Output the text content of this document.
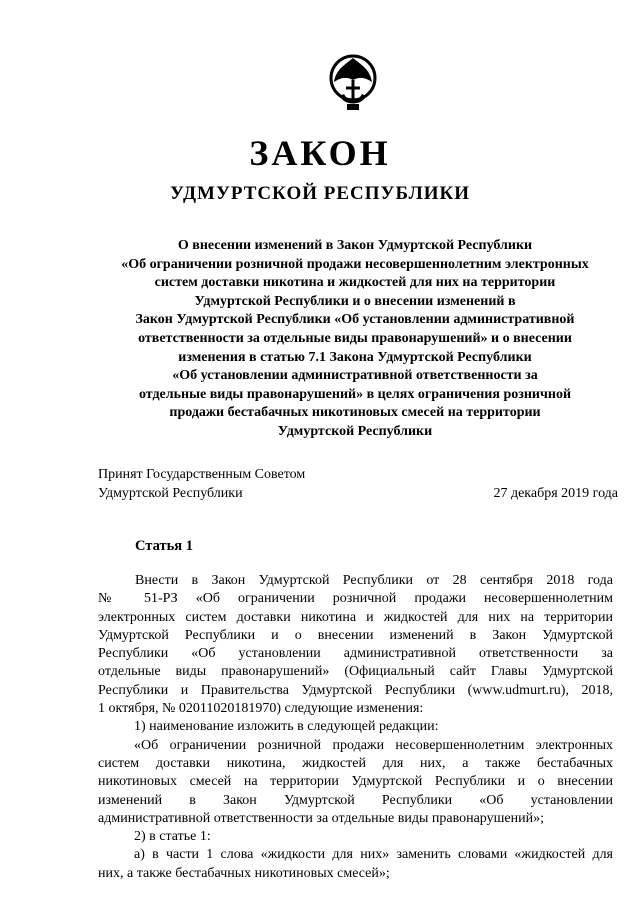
ЗАКОН
УДМУРТСКОЙ РЕСПУБЛИКИ
О внесении изменений в Закон Удмуртской Республики
«Об ограничении розничной продажи несовершеннолетним электронных
систем доставки никотина и жидкостей для них на территории
Удмуртской Республики и о внесении изменений в
Закон Удмуртской Республики «Об установлении административной
ответственности за отдельные виды правонарушений» и о внесении
изменения в статью 7.1 Закона Удмуртской Республики
«Об установлении административной ответственности за
отдельные виды правонарушений» в целях ограничения розничной
продажи бестабачных никотиновых смесей на территории
Удмуртской Республики
Принят Государственным Советом
Удмуртской Республики	27 декабря 2019 года
Статья 1
Внести в Закон Удмуртской Республики от 28 сентября 2018 года
№ 51-РЗ «Об ограничении розничной продажи несовершеннолетним
электронных систем доставки никотина и жидкостей для них на территории
Удмуртской Республики и о внесении изменений в Закон Удмуртской
Республики «Об установлении административной ответственности за
отдельные виды правонарушений» (Официальный сайт Главы Удмуртской
Республики и Правительства Удмуртской Республики (www.udmurt.ru), 2018,
1 октября, № 02011020181970) следующие изменения:
1) наименование изложить в следующей редакции:
«Об ограничении розничной продажи несовершеннолетним электронных
систем доставки никотина, жидкостей для них, а также бестабачных
никотиновых смесей на территории Удмуртской Республики и о внесении
изменений в Закон Удмуртской Республики «Об установлении
административной ответственности за отдельные виды правонарушений»;
2) в статье 1:
а) в части 1 слова «жидкости для них» заменить словами «жидкостей для
них, а также бестабачных никотиновых смесей»;
